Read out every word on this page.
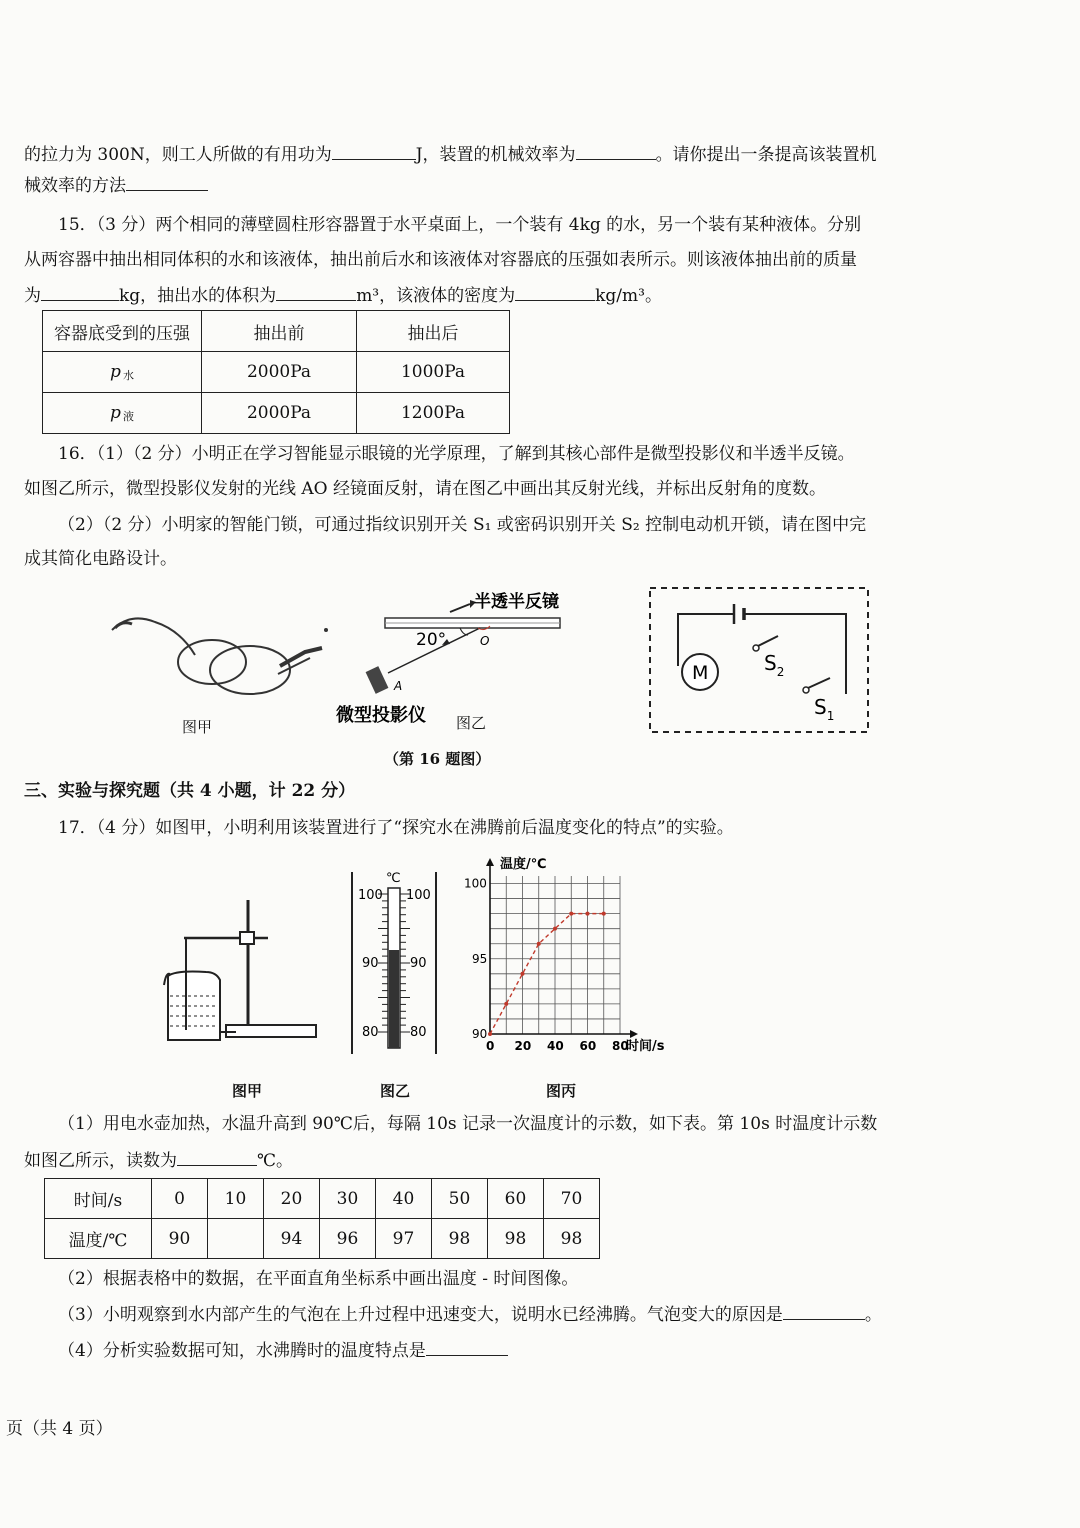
的拉力为 300N，则工人所做的有用功为	J，装置的机械效率为	。请你提出一条提高该装置机
械效率的方法
15．（3 分）两个相同的薄壁圆柱形容器置于水平桌面上，一个装有 4kg 的水，另一个装有某种液体。分别
从两容器中抽出相同体积的水和该液体，抽出前后水和该液体对容器底的压强如表所示。则该液体抽出前的质量
为	kg，抽出水的体积为	m³，该液体的密度为	kg/m³。
容器底受到的压强	抽出前	抽出后
p 水	2000Pa	1000Pa
p 液	2000Pa	1200Pa
16．（1）（2 分）小明正在学习智能显示眼镜的光学原理，了解到其核心部件是微型投影仪和半透半反镜。
如图乙所示，微型投影仪发射的光线 AO 经镜面反射，请在图乙中画出其反射光线，并标出反射角的度数。
（2）（2 分）小明家的智能门锁，可通过指纹识别开关 S₁ 或密码识别开关 S₂ 控制电动机开锁，请在图中完
成其简化电路设计。
图甲
半透半反镜
20°	O
A
微型投影仪 图乙
M	$S_2$
$S_1$
（第 16 题图）
三、实验与探究题（共 4 小题，计 22 分）
17．（4 分）如图甲，小明利用该装置进行了“探究水在沸腾前后温度变化的特点”的实验。
图甲
℃
100 100
90 90
80 80
图乙
0 20 40 60 80
90
95
100
温度/℃
时间/s
图丙
（1）用电水壶加热，水温升高到 90℃后，每隔 10s 记录一次温度计的示数，如下表。第 10s 时温度计示数
如图乙所示，读数为	℃。
时间/s	0	10	20	30	40	50	60	70
温度/℃	90		94	96	97	98	98	98
（2）根据表格中的数据，在平面直角坐标系中画出温度 - 时间图像。
（3）小明观察到水内部产生的气泡在上升过程中迅速变大，说明水已经沸腾。气泡变大的原因是	。
（4）分析实验数据可知，水沸腾时的温度特点是
页（共 4 页）
